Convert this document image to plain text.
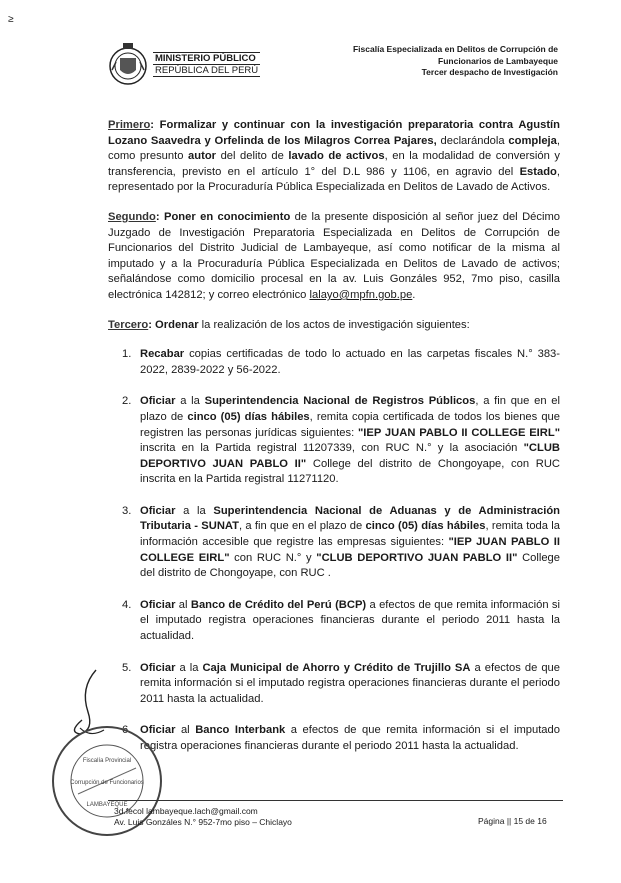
≥
MINISTERIO PÚBLICO
REPÚBLICA DEL PERÚ
Fiscalía Especializada en Delitos de Corrupción de
Funcionarios de Lambayeque
Tercer despacho de Investigación

Primero: Formalizar y continuar con la investigación preparatoria contra Agustín Lozano Saavedra y Orfelinda de los Milagros Correa Pajares, declarándola compleja, como presunto autor del delito de lavado de activos, en la modalidad de conversión y transferencia, previsto en el artículo 1° del D.L 986 y 1106, en agravio del Estado, representado por la Procuraduría Pública Especializada en Delitos de Lavado de Activos.

Segundo: Poner en conocimiento de la presente disposición al señor juez del Décimo Juzgado de Investigación Preparatoria Especializada en Delitos de Corrupción de Funcionarios del Distrito Judicial de Lambayeque, así como notificar de la misma al imputado y a la Procuraduría Pública Especializada en Delitos de Lavado de activos; señalándose como domicilio procesal en la av. Luis Gonzáles 952, 7mo piso, casilla electrónica 142812; y correo electrónico lalayo@mpfn.gob.pe.

Tercero: Ordenar la realización de los actos de investigación siguientes:

1. Recabar copias certificadas de todo lo actuado en las carpetas fiscales N.° 383-2022, 2839-2022 y 56-2022.
2. Oficiar a la Superintendencia Nacional de Registros Públicos, a fin que en el plazo de cinco (05) días hábiles, remita copia certificada de todos los bienes que registren las personas jurídicas siguientes: "IEP JUAN PABLO II COLLEGE EIRL" inscrita en la Partida registral 11207339, con RUC N.° y la asociación "CLUB DEPORTIVO JUAN PABLO II" College del distrito de Chongoyape, con RUC inscrita en la Partida registral 11271120.
3. Oficiar a la Superintendencia Nacional de Aduanas y de Administración Tributaria - SUNAT, a fin que en el plazo de cinco (05) días hábiles, remita toda la información accesible que registre las empresas siguientes: "IEP JUAN PABLO II COLLEGE EIRL" con RUC N.° y "CLUB DEPORTIVO JUAN PABLO II" College del distrito de Chongoyape, con RUC .
4. Oficiar al Banco de Crédito del Perú (BCP) a efectos de que remita información si el imputado registra operaciones financieras durante el periodo 2011 hasta la actualidad.
5. Oficiar a la Caja Municipal de Ahorro y Crédito de Trujillo SA a efectos de que remita información si el imputado registra operaciones financieras durante el periodo 2011 hasta la actualidad.
6. Oficiar al Banco Interbank a efectos de que remita información si el imputado registra operaciones financieras durante el periodo 2011 hasta la actualidad.
Fiscalía Provincial
Corrupción de Funcionarios
LAMBAYEQUE
3d.fecol lambayeque.lach@gmail.com
Av. Luis Gonzáles N.° 952-7mo piso – Chiclayo	Página || 15 de 16
